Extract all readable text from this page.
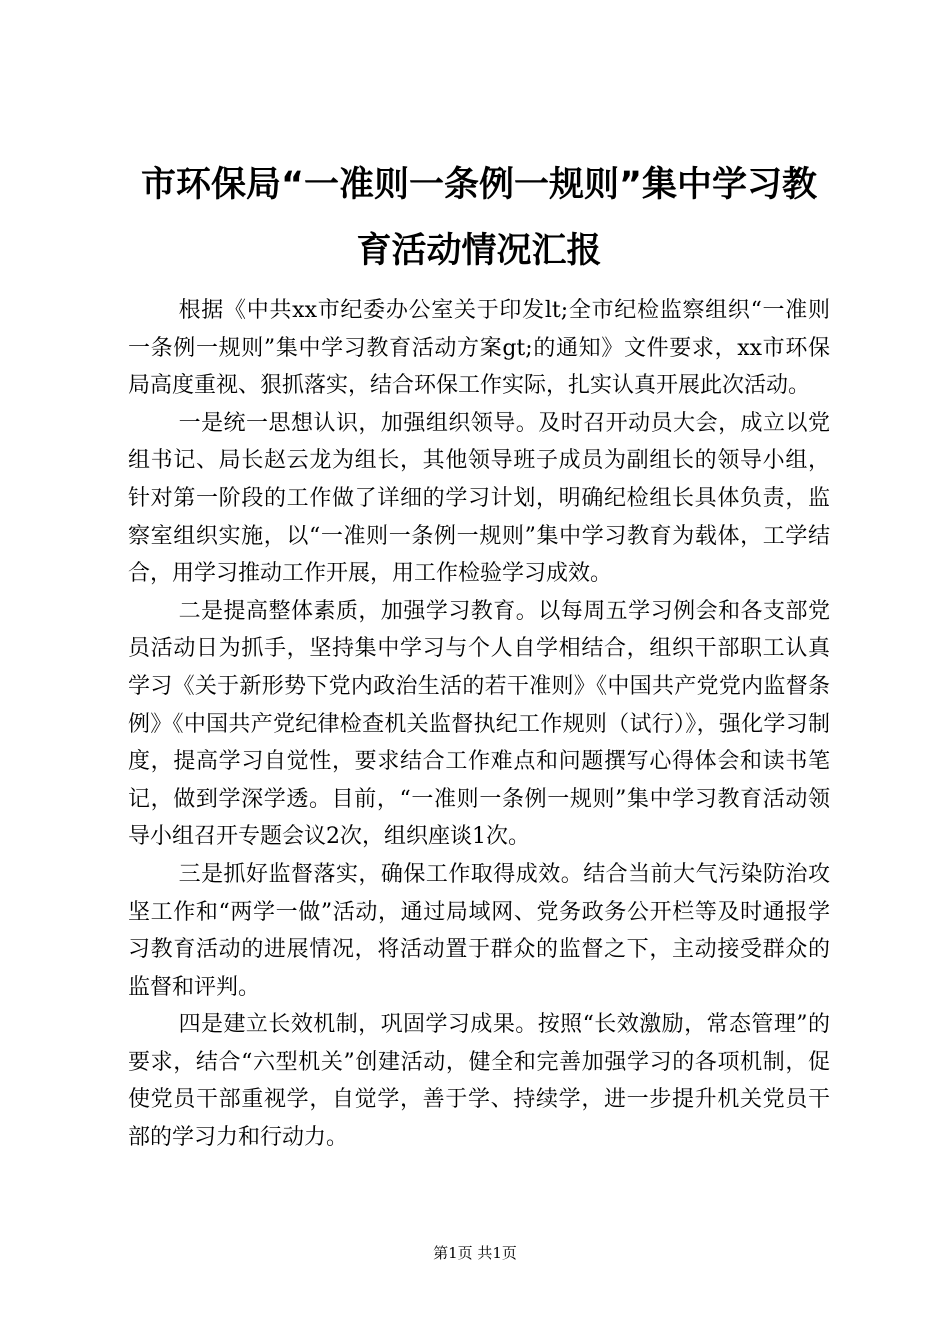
市环保局“一准则一条例一规则”集中学习教育活动情况汇报

根据《中共xx市纪委办公室关于印发lt;全市纪检监察组织“一准则一条例一规则”集中学习教育活动方案gt;的通知》文件要求，xx市环保局高度重视、狠抓落实，结合环保工作实际，扎实认真开展此次活动。

一是统一思想认识，加强组织领导。及时召开动员大会，成立以党组书记、局长赵云龙为组长，其他领导班子成员为副组长的领导小组，针对第一阶段的工作做了详细的学习计划，明确纪检组长具体负责，监察室组织实施，以“一准则一条例一规则”集中学习教育为载体，工学结合，用学习推动工作开展，用工作检验学习成效。

二是提高整体素质，加强学习教育。以每周五学习例会和各支部党员活动日为抓手，坚持集中学习与个人自学相结合，组织干部职工认真学习《关于新形势下党内政治生活的若干准则》《中国共产党党内监督条例》《中国共产党纪律检查机关监督执纪工作规则（试行）》，强化学习制度，提高学习自觉性，要求结合工作难点和问题撰写心得体会和读书笔记，做到学深学透。目前，“一准则一条例一规则”集中学习教育活动领导小组召开专题会议2次，组织座谈1次。

三是抓好监督落实，确保工作取得成效。结合当前大气污染防治攻坚工作和“两学一做”活动，通过局域网、党务政务公开栏等及时通报学习教育活动的进展情况，将活动置于群众的监督之下，主动接受群众的监督和评判。

四是建立长效机制，巩固学习成果。按照“长效激励，常态管理”的要求，结合“六型机关”创建活动，健全和完善加强学习的各项机制，促使党员干部重视学，自觉学，善于学、持续学，进一步提升机关党员干部的学习力和行动力。

第1页 共1页
